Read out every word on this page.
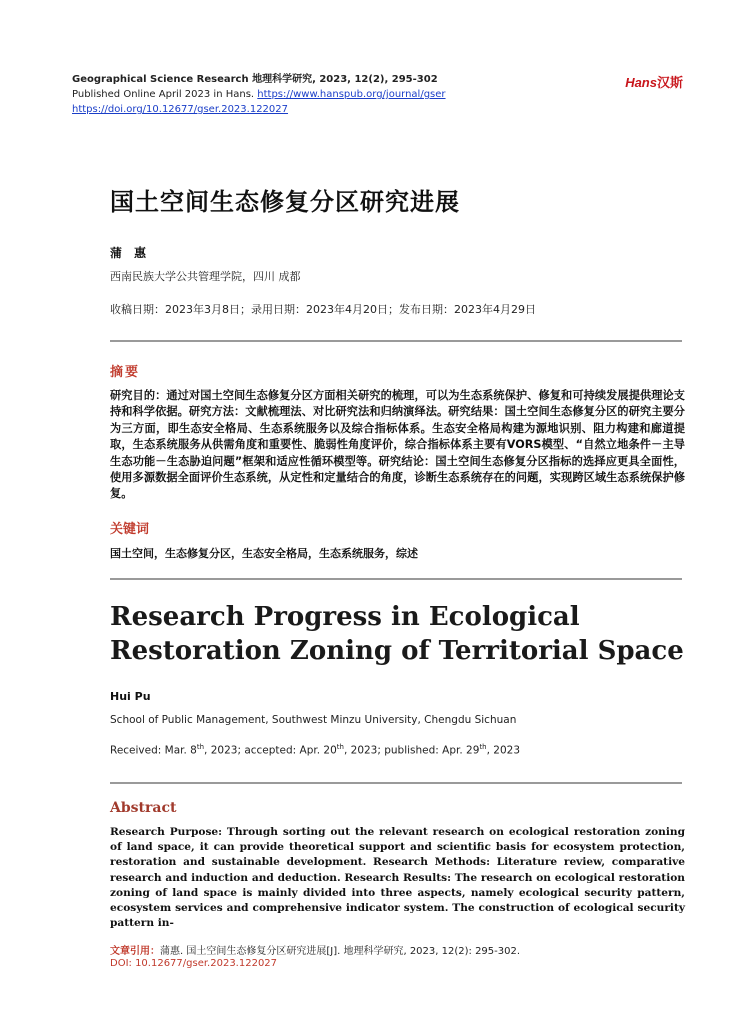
Geographical Science Research 地理科学研究, 2023, 12(2), 295-302
Published Online April 2023 in Hans. https://www.hanspub.org/journal/gser
https://doi.org/10.12677/gser.2023.122027
Hans汉斯
国土空间生态修复分区研究进展
蒲惠
西南民族大学公共管理学院，四川 成都
收稿日期：2023年3月8日；录用日期：2023年4月20日；发布日期：2023年4月29日
摘要
研究目的：通过对国土空间生态修复分区方面相关研究的梳理，可以为生态系统保护、修复和可持续发展提供理论支持和科学依据。研究方法：文献梳理法、对比研究法和归纳演绎法。研究结果：国土空间生态修复分区的研究主要分为三方面，即生态安全格局、生态系统服务以及综合指标体系。生态安全格局构建为源地识别、阻力构建和廊道提取，生态系统服务从供需角度和重要性、脆弱性角度评价，综合指标体系主要有VORS模型、“自然立地条件－主导生态功能－生态胁迫问题”框架和适应性循环模型等。研究结论：国土空间生态修复分区指标的选择应更具全面性，使用多源数据全面评价生态系统，从定性和定量结合的角度，诊断生态系统存在的问题，实现跨区域生态系统保护修复。
关键词
国土空间，生态修复分区，生态安全格局，生态系统服务，综述
Research Progress in Ecological Restoration Zoning of Territorial Space
Hui Pu
School of Public Management, Southwest Minzu University, Chengdu Sichuan
Received: Mar. 8th, 2023; accepted: Apr. 20th, 2023; published: Apr. 29th, 2023
Abstract
Research Purpose: Through sorting out the relevant research on ecological restoration zoning of land space, it can provide theoretical support and scientific basis for ecosystem protection, restoration and sustainable development. Research Methods: Literature review, comparative research and induction and deduction. Research Results: The research on ecological restoration zoning of land space is mainly divided into three aspects, namely ecological security pattern, ecosystem services and comprehensive indicator system. The construction of ecological security pattern in-
文章引用：蒲惠. 国土空间生态修复分区研究进展[J]. 地理科学研究, 2023, 12(2): 295-302.
DOI: 10.12677/gser.2023.122027
